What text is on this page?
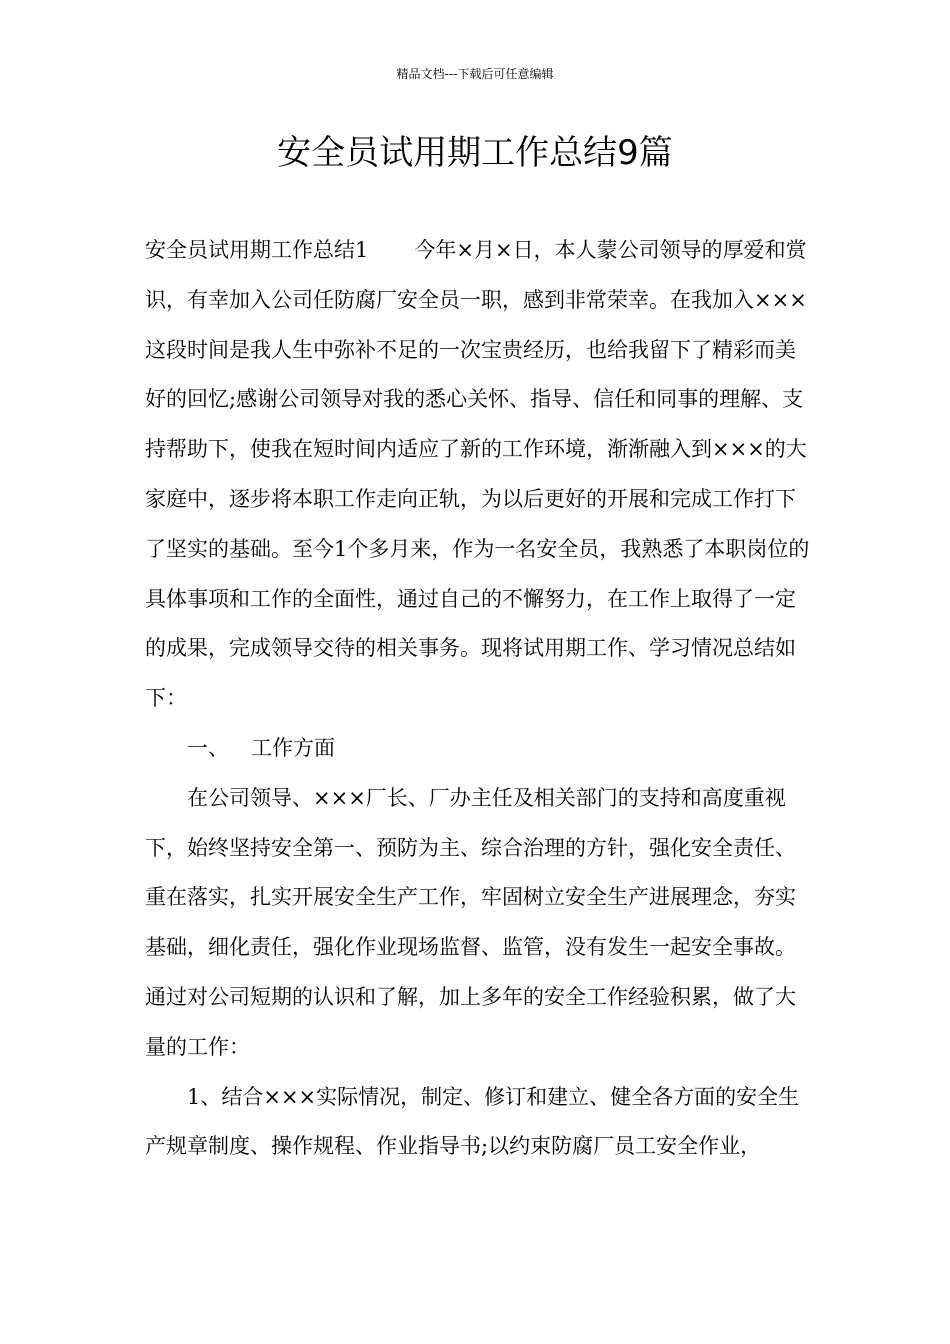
精品文档---下载后可任意编辑
安全员试用期工作总结9篇

安全员试用期工作总结1 今年×月×日，本人蒙公司领导的厚爱和赏识，有幸加入公司任防腐厂安全员一职，感到非常荣幸。在我加入×××这段时间是我人生中弥补不足的一次宝贵经历，也给我留下了精彩而美好的回忆;感谢公司领导对我的悉心关怀、指导、信任和同事的理解、支持帮助下，使我在短时间内适应了新的工作环境，渐渐融入到×××的大家庭中，逐步将本职工作走向正轨，为以后更好的开展和完成工作打下了坚实的基础。至今1个多月来，作为一名安全员，我熟悉了本职岗位的具体事项和工作的全面性，通过自己的不懈努力，在工作上取得了一定的成果，完成领导交待的相关事务。现将试用期工作、学习情况总结如下：

一、 工作方面

在公司领导、×××厂长、厂办主任及相关部门的支持和高度重视下，始终坚持安全第一、预防为主、综合治理的方针，强化安全责任、重在落实，扎实开展安全生产工作，牢固树立安全生产进展理念，夯实基础，细化责任，强化作业现场监督、监管，没有发生一起安全事故。通过对公司短期的认识和了解，加上多年的安全工作经验积累，做了大量的工作：

1、结合×××实际情况，制定、修订和建立、健全各方面的安全生产规章制度、操作规程、作业指导书;以约束防腐厂员工安全作业，
